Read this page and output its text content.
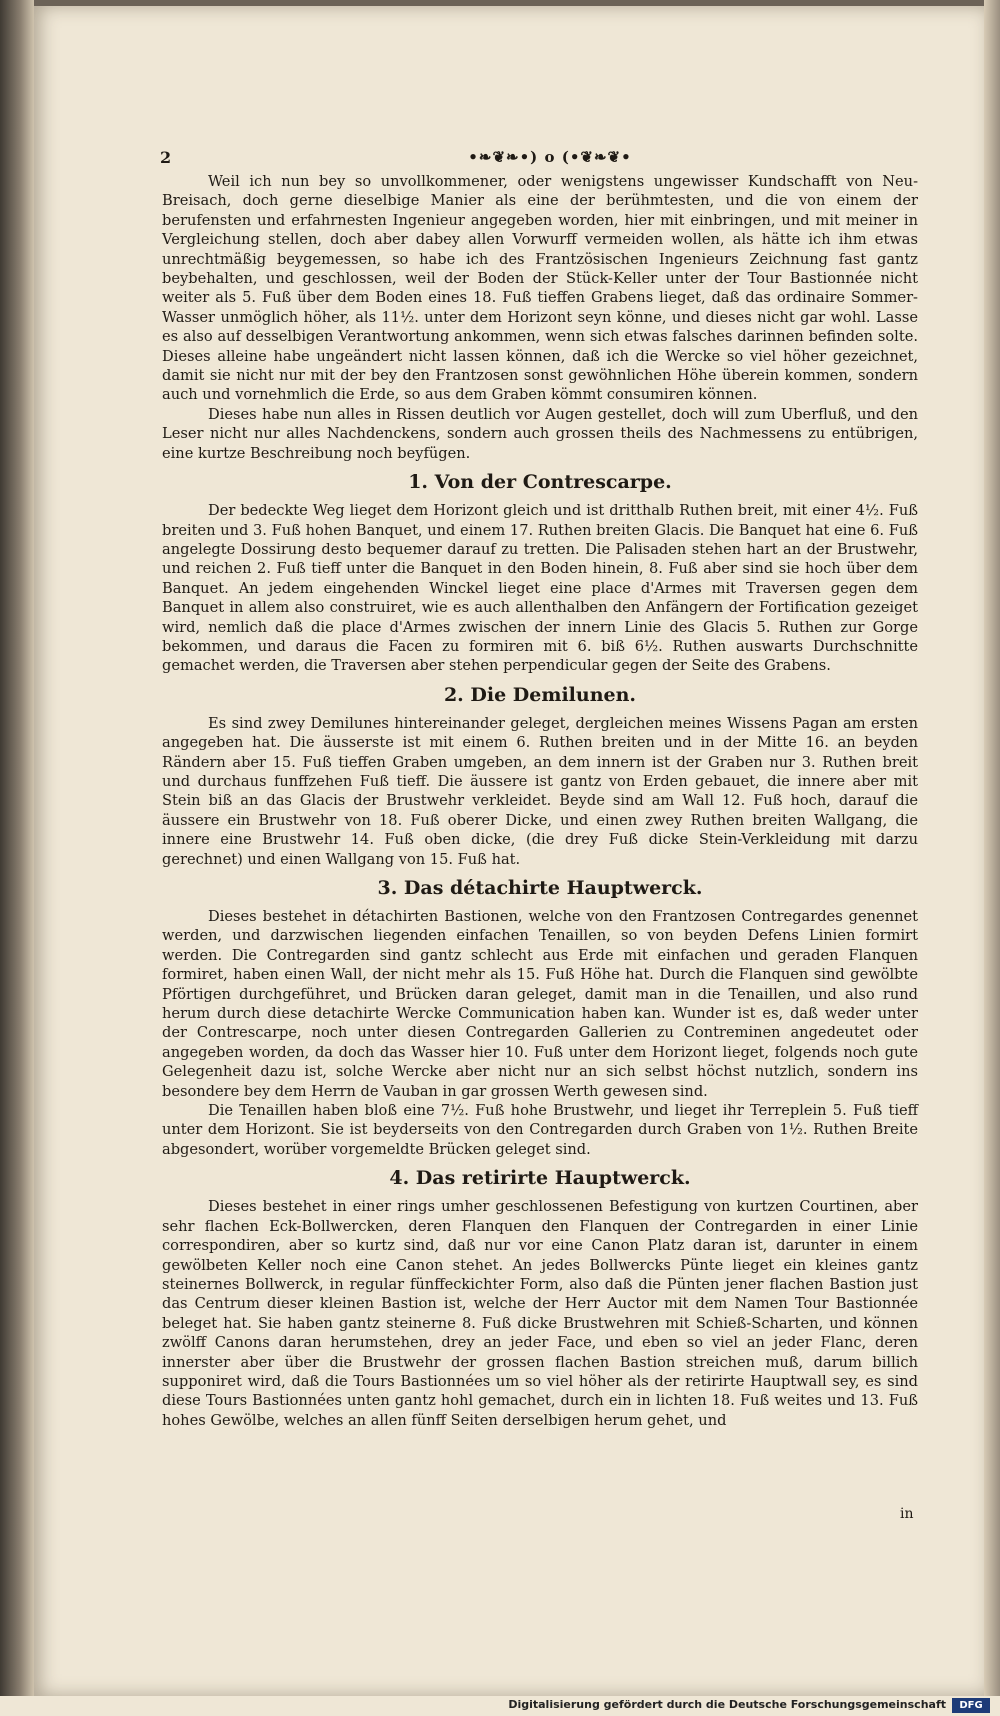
2	•❧❦❧•) o (•❦❧❦•

Weil ich nun bey so unvollkommener, oder wenigstens ungewisser Kundschafft von Neu-Breisach, doch gerne dieselbige Manier als eine der berühmtesten, und die von einem der berufensten und erfahrnesten Ingenieur angegeben worden, hier mit einbringen, und mit meiner in Vergleichung stellen, doch aber dabey allen Vorwurff vermeiden wollen, als hätte ich ihm etwas unrechtmäßig beygemessen, so habe ich des Frantzösischen Ingenieurs Zeichnung fast gantz beybehalten, und geschlossen, weil der Boden der Stück-Keller unter der Tour Bastionnée nicht weiter als 5. Fuß über dem Boden eines 18. Fuß tieffen Grabens lieget, daß das ordinaire Sommer-Wasser unmöglich höher, als 11½. unter dem Horizont seyn könne, und dieses nicht gar wohl. Lasse es also auf desselbigen Verantwortung ankommen, wenn sich etwas falsches darinnen befinden solte. Dieses alleine habe ungeändert nicht lassen können, daß ich die Wercke so viel höher gezeichnet, damit sie nicht nur mit der bey den Frantzosen sonst gewöhnlichen Höhe überein kommen, sondern auch und vornehmlich die Erde, so aus dem Graben kömmt consumiren können.

Dieses habe nun alles in Rissen deutlich vor Augen gestellet, doch will zum Uberfluß, und den Leser nicht nur alles Nachdenckens, sondern auch grossen theils des Nachmessens zu entübrigen, eine kurtze Beschreibung noch beyfügen.

1. Von der Contrescarpe.

Der bedeckte Weg lieget dem Horizont gleich und ist dritthalb Ruthen breit, mit einer 4½. Fuß breiten und 3. Fuß hohen Banquet, und einem 17. Ruthen breiten Glacis. Die Banquet hat eine 6. Fuß angelegte Dossirung desto bequemer darauf zu tretten. Die Palisaden stehen hart an der Brustwehr, und reichen 2. Fuß tieff unter die Banquet in den Boden hinein, 8. Fuß aber sind sie hoch über dem Banquet. An jedem eingehenden Winckel lieget eine place d'Armes mit Traversen gegen dem Banquet in allem also construiret, wie es auch allenthalben den Anfängern der Fortification gezeiget wird, nemlich daß die place d'Armes zwischen der innern Linie des Glacis 5. Ruthen zur Gorge bekommen, und daraus die Facen zu formiren mit 6. biß 6½. Ruthen auswarts Durchschnitte gemachet werden, die Traversen aber stehen perpendicular gegen der Seite des Grabens.

2. Die Demilunen.

Es sind zwey Demilunes hintereinander geleget, dergleichen meines Wissens Pagan am ersten angegeben hat. Die äusserste ist mit einem 6. Ruthen breiten und in der Mitte 16. an beyden Rändern aber 15. Fuß tieffen Graben umgeben, an dem innern ist der Graben nur 3. Ruthen breit und durchaus funffzehen Fuß tieff. Die äussere ist gantz von Erden gebauet, die innere aber mit Stein biß an das Glacis der Brustwehr verkleidet. Beyde sind am Wall 12. Fuß hoch, darauf die äussere ein Brustwehr von 18. Fuß oberer Dicke, und einen zwey Ruthen breiten Wallgang, die innere eine Brustwehr 14. Fuß oben dicke, (die drey Fuß dicke Stein-Verkleidung mit darzu gerechnet) und einen Wallgang von 15. Fuß hat.

3. Das détachirte Hauptwerck.

Dieses bestehet in détachirten Bastionen, welche von den Frantzosen Contregardes genennet werden, und darzwischen liegenden einfachen Tenaillen, so von beyden Defens Linien formirt werden. Die Contregarden sind gantz schlecht aus Erde mit einfachen und geraden Flanquen formiret, haben einen Wall, der nicht mehr als 15. Fuß Höhe hat. Durch die Flanquen sind gewölbte Pförtigen durchgeführet, und Brücken daran geleget, damit man in die Tenaillen, und also rund herum durch diese detachirte Wercke Communication haben kan. Wunder ist es, daß weder unter der Contrescarpe, noch unter diesen Contregarden Gallerien zu Contreminen angedeutet oder angegeben worden, da doch das Wasser hier 10. Fuß unter dem Horizont lieget, folgends noch gute Gelegenheit dazu ist, solche Wercke aber nicht nur an sich selbst höchst nutzlich, sondern ins besondere bey dem Herrn de Vauban in gar grossen Werth gewesen sind.

Die Tenaillen haben bloß eine 7½. Fuß hohe Brustwehr, und lieget ihr Terreplein 5. Fuß tieff unter dem Horizont. Sie ist beyderseits von den Contregarden durch Graben von 1½. Ruthen Breite abgesondert, worüber vorgemeldte Brücken geleget sind.

4. Das retirirte Hauptwerck.

Dieses bestehet in einer rings umher geschlossenen Befestigung von kurtzen Courtinen, aber sehr flachen Eck-Bollwercken, deren Flanquen den Flanquen der Contregarden in einer Linie correspondiren, aber so kurtz sind, daß nur vor eine Canon Platz daran ist, darunter in einem gewölbeten Keller noch eine Canon stehet. An jedes Bollwercks Pünte lieget ein kleines gantz steinernes Bollwerck, in regular fünffeckichter Form, also daß die Pünten jener flachen Bastion just das Centrum dieser kleinen Bastion ist, welche der Herr Auctor mit dem Namen Tour Bastionnée beleget hat. Sie haben gantz steinerne 8. Fuß dicke Brustwehren mit Schieß-Scharten, und können zwölff Canons daran herumstehen, drey an jeder Face, und eben so viel an jeder Flanc, deren innerster aber über die Brustwehr der grossen flachen Bastion streichen muß, darum billich supponiret wird, daß die Tours Bastionnées um so viel höher als der retirirte Hauptwall sey, es sind diese Tours Bastionnées unten gantz hohl gemachet, durch ein in lichten 18. Fuß weites und 13. Fuß hohes Gewölbe, welches an allen fünff Seiten derselbigen herum gehet, und

in
Digitalisierung gefördert durch die Deutsche Forschungsgemeinschaft	DFG
